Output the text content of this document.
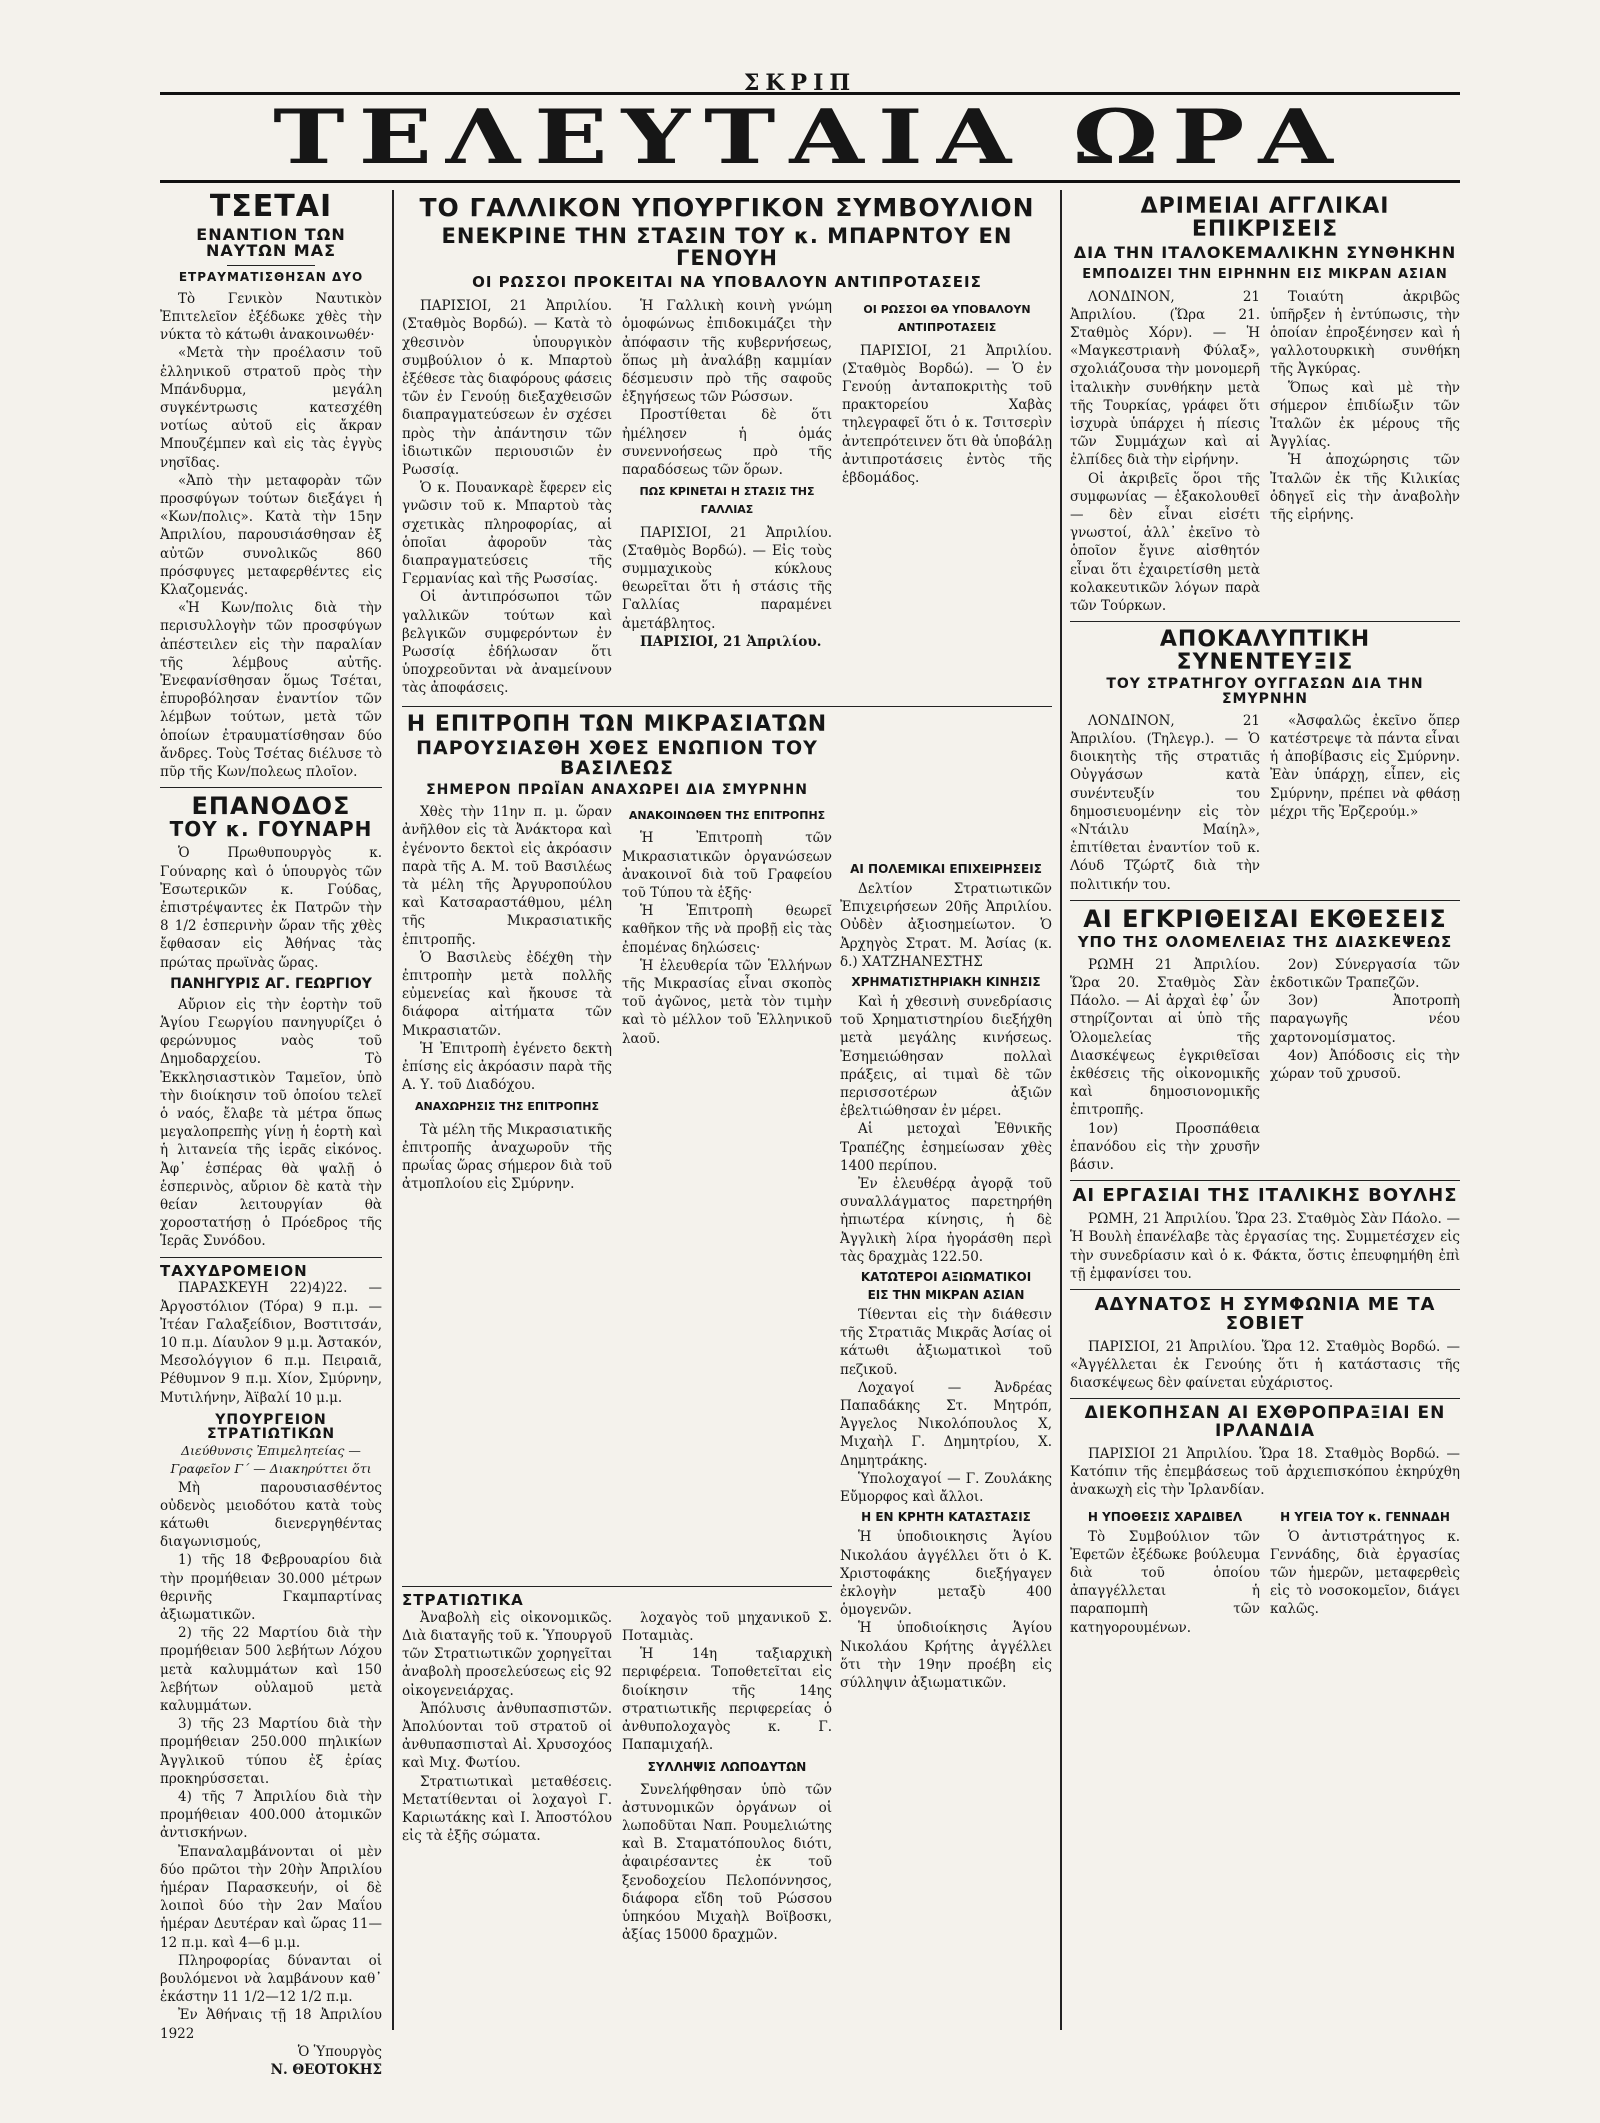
ΣΚΡΙΠ
ΤΕΛΕΥΤΑΙΑ ΩΡΑ
ΤΣΕΤΑΙ
ΕΝΑΝΤΙΟΝ ΤΩΝ ΝΑΥΤΩΝ ΜΑΣ
ΕΤΡΑΥΜΑΤΙΣΘΗΣΑΝ ΔΥΟ

Τὸ Γενικὸν Ναυτικὸν Ἐπιτελεῖον ἐξέδωκε χθὲς τὴν νύκτα τὸ κάτωθι ἀνακοινωθέν·

«Μετὰ τὴν προέλασιν τοῦ ἑλληνικοῦ στρατοῦ πρὸς τὴν Μπάνδυρμα, μεγάλη συγκέντρωσις κατεσχέθη νοτίως αὐτοῦ εἰς ἄκραν Μπουζέμπεν καὶ εἰς τὰς ἐγγὺς νησῖδας.

«Ἀπὸ τὴν μεταφορὰν τῶν προσφύγων τούτων διεξάγει ἡ «Κων/πολις». Κατὰ τὴν 15ην Ἀπριλίου, παρουσιάσθησαν ἐξ αὐτῶν συνολικῶς 860 πρόσφυγες μεταφερθέντες εἰς Κλαζομενάς.

«Ἡ Κων/πολις διὰ τὴν περισυλλογὴν τῶν προσφύγων ἀπέστειλεν εἰς τὴν παραλίαν τῆς λέμβους αὐτῆς. Ἐνεφανίσθησαν ὅμως Τσέται, ἐπυροβόλησαν ἐναντίον τῶν λέμβων τούτων, μετὰ τῶν ὁποίων ἐτραυματίσθησαν δύο ἄνδρες. Τοὺς Τσέτας διέλυσε τὸ πῦρ τῆς Κων/πολεως πλοῖον.

ΕΠΑΝΟΔΟΣ
ΤΟΥ κ. ΓΟΥΝΑΡΗ

Ὁ Πρωθυπουργὸς κ. Γούναρης καὶ ὁ ὑπουργὸς τῶν Ἐσωτερικῶν κ. Γούδας, ἐπιστρέψαντες ἐκ Πατρῶν τὴν 8 1/2 ἑσπερινὴν ὥραν τῆς χθὲς ἔφθασαν εἰς Ἀθήνας τὰς πρώτας πρωϊνὰς ὥρας.

ΠΑΝΗΓΥΡΙΣ ΑΓ. ΓΕΩΡΓΙΟΥ

Αὔριον εἰς τὴν ἑορτὴν τοῦ Ἁγίου Γεωργίου πανηγυρίζει ὁ φερώνυμος ναὸς τοῦ Δημοδαρχείου. Τὸ Ἐκκλησιαστικὸν Ταμεῖον, ὑπὸ τὴν διοίκησιν τοῦ ὁποίου τελεῖ ὁ ναός, ἔλαβε τὰ μέτρα ὅπως μεγαλοπρεπὴς γίνῃ ἡ ἑορτὴ καὶ ἡ λιτανεία τῆς ἱερᾶς εἰκόνος. Ἀφ᾽ ἑσπέρας θὰ ψαλῇ ὁ ἑσπερινὸς, αὔριον δὲ κατὰ τὴν θείαν λειτουργίαν θὰ χοροστατήσῃ ὁ Πρόεδρος τῆς Ἱερᾶς Συνόδου.

ΤΑΧΥΔΡΟΜΕΙΟΝ

ΠΑΡΑΣΚΕΥΗ 22)4)22. — Ἀργοστόλιον (Τόρα) 9 π.μ. — Ἰτέαν Γαλαξείδιον, Βοστιτσάν, 10 π.μ. Δίαυλον 9 μ.μ. Ἀστακόν, Μεσολόγγιον 6 π.μ. Πειραιᾶ, Ρέθυμνον 9 π.μ. Χίον, Σμύρνην, Μυτιλήνην, Ἀϊβαλί 10 μ.μ.

ΥΠΟΥΡΓΕΙΟΝ ΣΤΡΑΤΙΩΤΙΚΩΝ
Διεύθυνσις Ἐπιμελητείας — Γραφεῖον Γ΄ — Διακηρύττει ὅτι

Μὴ παρουσιασθέντος οὐδενὸς μειοδότου κατὰ τοὺς κάτωθι διενεργηθέντας διαγωνισμούς,

1) τῆς 18 Φεβρουαρίου διὰ τὴν προμήθειαν 30.000 μέτρων θερινῆς Γκαμπαρτίνας ἀξιωματικῶν.

2) τῆς 22 Μαρτίου διὰ τὴν προμήθειαν 500 λεβήτων Λόχου μετὰ καλυμμάτων καὶ 150 λεβήτων οὐλαμοῦ μετὰ καλυμμάτων.

3) τῆς 23 Μαρτίου διὰ τὴν προμήθειαν 250.000 πηλικίων Ἀγγλικοῦ τύπου ἐξ ἐρίας προκηρύσσεται.

4) τῆς 7 Ἀπριλίου διὰ τὴν προμήθειαν 400.000 ἀτομικῶν ἀντισκήνων.

Ἐπαναλαμβάνονται οἱ μὲν δύο πρῶτοι τὴν 20ὴν Ἀπριλίου ἡμέραν Παρασκευήν, οἱ δὲ λοιποὶ δύο τὴν 2αν Μαΐου ἡμέραν Δευτέραν καὶ ὥρας 11—12 π.μ. καὶ 4—6 μ.μ.

Πληροφορίας δύνανται οἱ βουλόμενοι νὰ λαμβάνουν καθ᾽ ἑκάστην 11 1/2—12 1/2 π.μ.

Ἐν Ἀθήναις τῇ 18 Ἀπριλίου 1922

Ὁ Ὑπουργὸς

Ν. ΘΕΟΤΟΚΗΣ

ΤΟ ΓΑΛΛΙΚΟΝ ΥΠΟΥΡΓΙΚΟΝ ΣΥΜΒΟΥΛΙΟΝ
ΕΝΕΚΡΙΝΕ ΤΗΝ ΣΤΑΣΙΝ ΤΟΥ κ. ΜΠΑΡΝΤΟΥ ΕΝ ΓΕΝΟΥΗ
ΟΙ ΡΩΣΣΟΙ ΠΡΟΚΕΙΤΑΙ ΝΑ ΥΠΟΒΑΛΟΥΝ ΑΝΤΙΠΡΟΤΑΣΕΙΣ

ΠΑΡΙΣΙΟΙ, 21 Ἀπριλίου. (Σταθμὸς Βορδώ). — Κατὰ τὸ χθεσινὸν ὑπουργικὸν συμβούλιον ὁ κ. Μπαρτοὺ ἐξέθεσε τὰς διαφόρους φάσεις τῶν ἐν Γενούῃ διεξαχθεισῶν διαπραγματεύσεων ἐν σχέσει πρὸς τὴν ἀπάντησιν τῶν ἰδιωτικῶν περιουσιῶν ἐν Ρωσσίᾳ.

Ὁ κ. Πουανκαρὲ ἔφερεν εἰς γνῶσιν τοῦ κ. Μπαρτοὺ τὰς σχετικὰς πληροφορίας, αἱ ὁποῖαι ἀφοροῦν τὰς διαπραγματεύσεις τῆς Γερμανίας καὶ τῆς Ρωσσίας.

Οἱ ἀντιπρόσωποι τῶν γαλλικῶν τούτων καὶ βελγικῶν συμφερόντων ἐν Ρωσσίᾳ ἐδήλωσαν ὅτι ὑποχρεοῦνται νὰ ἀναμείνουν τὰς ἀποφάσεις.

Ἡ Γαλλικὴ κοινὴ γνώμη ὁμοφώνως ἐπιδοκιμάζει τὴν ἀπόφασιν τῆς κυβερνήσεως, ὅπως μὴ ἀναλάβῃ καμμίαν δέσμευσιν πρὸ τῆς σαφοῦς ἐξηγήσεως τῶν Ρώσσων.

Προστίθεται δὲ ὅτι ἠμέλησεν ἡ ὁμάς συνεννοήσεως πρὸ τῆς παραδόσεως τῶν ὅρων.

ΠΩΣ ΚΡΙΝΕΤΑΙ Η ΣΤΑΣΙΣ ΤΗΣ ΓΑΛΛΙΑΣ

ΠΑΡΙΣΙΟΙ, 21 Ἀπριλίου. (Σταθμὸς Βορδώ). — Εἰς τοὺς συμμαχικοὺς κύκλους θεωρεῖται ὅτι ἡ στάσις τῆς Γαλλίας παραμένει ἀμετάβλητος.

ΠΑΡΙΣΙΟΙ, 21 Ἀπριλίου.

ΟΙ ΡΩΣΣΟΙ ΘΑ ΥΠΟΒΑΛΟΥΝ ΑΝΤΙΠΡΟΤΑΣΕΙΣ

ΠΑΡΙΣΙΟΙ, 21 Ἀπριλίου. (Σταθμὸς Βορδώ). — Ὁ ἐν Γενούῃ ἀνταποκριτὴς τοῦ πρακτορείου Χαβὰς τηλεγραφεῖ ὅτι ὁ κ. Τσιτσερὶν ἀντεπρότεινεν ὅτι θὰ ὑποβάλῃ ἀντιπροτάσεις ἐντὸς τῆς ἑβδομάδος.

Η ΕΠΙΤΡΟΠΗ ΤΩΝ ΜΙΚΡΑΣΙΑΤΩΝ
ΠΑΡΟΥΣΙΑΣΘΗ ΧΘΕΣ ΕΝΩΠΙΟΝ ΤΟΥ ΒΑΣΙΛΕΩΣ
ΣΗΜΕΡΟΝ ΠΡΩΪΑΝ ΑΝΑΧΩΡΕΙ ΔΙΑ ΣΜΥΡΝΗΝ

Χθὲς τὴν 11ην π. μ. ὥραν ἀνῆλθον εἰς τὰ Ἀνάκτορα καὶ ἐγένοντο δεκτοὶ εἰς ἀκρόασιν παρὰ τῆς Α. Μ. τοῦ Βασιλέως τὰ μέλη τῆς Ἀργυροπούλου καὶ Κατσαραστάθμου, μέλη τῆς Μικρασιατικῆς ἐπιτροπῆς.

Ὁ Βασιλεὺς ἐδέχθη τὴν ἐπιτροπὴν μετὰ πολλῆς εὐμενείας καὶ ἤκουσε τὰ διάφορα αἰτήματα τῶν Μικρασιατῶν.

Ἡ Ἐπιτροπὴ ἐγένετο δεκτὴ ἐπίσης εἰς ἀκρόασιν παρὰ τῆς Α. Υ. τοῦ Διαδόχου.

ΑΝΑΧΩΡΗΣΙΣ ΤΗΣ ΕΠΙΤΡΟΠΗΣ

Τὰ μέλη τῆς Μικρασιατικῆς ἐπιτροπῆς ἀναχωροῦν τῆς πρωΐας ὥρας σήμερον διὰ τοῦ ἀτμοπλοίου εἰς Σμύρνην.

ΑΝΑΚΟΙΝΩΘΕΝ ΤΗΣ ΕΠΙΤΡΟΠΗΣ

Ἡ Ἐπιτροπὴ τῶν Μικρασιατικῶν ὀργανώσεων ἀνακοινοῖ διὰ τοῦ Γραφείου τοῦ Τύπου τὰ ἑξῆς·

Ἡ Ἐπιτροπὴ θεωρεῖ καθῆκον τῆς νὰ προβῇ εἰς τὰς ἐπομένας δηλώσεις·

Ἡ ἐλευθερία τῶν Ἑλλήνων τῆς Μικρασίας εἶναι σκοπὸς τοῦ ἀγῶνος, μετὰ τὸν τιμὴν καὶ τὸ μέλλον τοῦ Ἑλληνικοῦ λαοῦ.

ΑΙ ΠΟΛΕΜΙΚΑΙ ΕΠΙΧΕΙΡΗΣΕΙΣ

Δελτίον Στρατιωτικῶν Ἐπιχειρήσεων 20ῆς Ἀπριλίου. Οὐδὲν ἀξιοσημείωτον. Ὁ Ἀρχηγὸς Στρατ. Μ. Ἀσίας (κ. δ.) ΧΑΤΖΗΑΝΕΣΤΗΣ

ΧΡΗΜΑΤΙΣΤΗΡΙΑΚΗ ΚΙΝΗΣΙΣ

Καὶ ἡ χθεσινὴ συνεδρίασις τοῦ Χρηματιστηρίου διεξήχθη μετὰ μεγάλης κινήσεως. Ἐσημειώθησαν πολλαὶ πράξεις, αἱ τιμαὶ δὲ τῶν περισσοτέρων ἀξιῶν ἐβελτιώθησαν ἐν μέρει.

Αἱ μετοχαὶ Ἐθνικῆς Τραπέζης ἐσημείωσαν χθὲς 1400 περίπου.

Ἐν ἐλευθέρᾳ ἀγορᾷ τοῦ συναλλάγματος παρετηρήθη ἠπιωτέρα κίνησις, ἡ δὲ Ἀγγλικὴ λίρα ἠγοράσθη περὶ τὰς δραχμὰς 122.50.

ΚΑΤΩΤΕΡΟΙ ΑΞΙΩΜΑΤΙΚΟΙ
ΕΙΣ ΤΗΝ ΜΙΚΡΑΝ ΑΣΙΑΝ

Τίθενται εἰς τὴν διάθεσιν τῆς Στρατιᾶς Μικρᾶς Ἀσίας οἱ κάτωθι ἀξιωματικοὶ τοῦ πεζικοῦ.

Λοχαγοί — Ἀνδρέας Παπαδάκης Στ. Μητρόπ, Ἀγγελος Νικολόπουλος Χ, Μιχαὴλ Γ. Δημητρίου, Χ. Δημητράκης.

Ὑπολοχαγοί — Γ. Ζουλάκης Εὔμορφος καὶ ἄλλοι.

Η ΕΝ ΚΡΗΤΗ ΚΑΤΑΣΤΑΣΙΣ

Ἡ ὑποδιοικησις Ἁγίου Νικολάου ἀγγέλλει ὅτι ὁ Κ. Χριστοφάκης διεξήγαγεν ἐκλογὴν μεταξὺ 400 ὁμογενῶν.

Ἡ ὑποδιοίκησις Ἁγίου Νικολάου Κρήτης ἀγγέλλει ὅτι τὴν 19ην προέβη εἰς σύλληψιν ἀξιωματικῶν.

ΣΤΡΑΤΙΩΤΙΚΑ

Ἀναβολὴ εἰς οἰκονομικῶς. Διὰ διαταγῆς τοῦ κ. Ὑπουργοῦ τῶν Στρατιωτικῶν χορηγεῖται ἀναβολὴ προσελεύσεως εἰς 92 οἰκογενειάρχας.

Ἀπόλυσις ἀνθυπασπιστῶν. Ἀπολύονται τοῦ στρατοῦ οἱ ἀνθυπασπισταὶ Αἰ. Χρυσοχόος καὶ Μιχ. Φωτίου.

Στρατιωτικαὶ μεταθέσεις. Μετατίθενται οἱ λοχαγοὶ Γ. Καριωτάκης καὶ Ι. Ἀποστόλου εἰς τὰ ἐξῆς σώματα.

λοχαγὸς τοῦ μηχανικοῦ Σ. Ποταμιὰς.

Ἡ 14η ταξιαρχικὴ περιφέρεια. Τοποθετεῖται εἰς διοίκησιν τῆς 14ης στρατιωτικῆς περιφερείας ὁ ἀνθυπολοχαγὸς κ. Γ. Παπαμιχαήλ.

ΣΥΛΛΗΨΙΣ ΛΩΠΟΔΥΤΩΝ

Συνελήφθησαν ὑπὸ τῶν ἀστυνομικῶν ὀργάνων οἱ λωποδῦται Ναπ. Ρουμελιώτης καὶ Β. Σταματόπουλος διότι, ἀφαιρέσαντες ἐκ τοῦ ξενοδοχείου Πελοπόννησος, διάφορα εἴδη τοῦ Ρώσσου ὑπηκόου Μιχαὴλ Βοϊβοσκι, ἀξίας 15000 δραχμῶν.

ΔΡΙΜΕΙΑΙ ΑΓΓΛΙΚΑΙ ΕΠΙΚΡΙΣΕΙΣ
ΔΙΑ ΤΗΝ ΙΤΑΛΟΚΕΜΑΛΙΚΗΝ ΣΥΝΘΗΚΗΝ
ΕΜΠΟΔΙΖΕΙ ΤΗΝ ΕΙΡΗΝΗΝ ΕΙΣ ΜΙΚΡΑΝ ΑΣΙΑΝ

ΛΟΝΔΙΝΟΝ, 21 Ἀπριλίου. (Ὥρα 21. Σταθμὸς Χόρν). — Ἡ «Μαγκεστριανὴ Φύλαξ», σχολιάζουσα τὴν μονομερῆ ἰταλικὴν συνθήκην μετὰ τῆς Τουρκίας, γράφει ὅτι ἰσχυρὰ ὑπάρχει ἡ πίεσις τῶν Συμμάχων καὶ αἱ ἐλπίδες διὰ τὴν εἰρήνην.

Οἱ ἀκριβεῖς ὅροι τῆς συμφωνίας — ἐξακολουθεῖ — δὲν εἶναι εἰσέτι γνωστοί, ἀλλ᾽ ἐκεῖνο τὸ ὁποῖον ἔγινε αἰσθητόν εἶναι ὅτι ἐχαιρετίσθη μετὰ κολακευτικῶν λόγων παρὰ τῶν Τούρκων.

Τοιαύτη ἀκριβῶς ὑπῆρξεν ἡ ἐντύπωσις, τὴν ὁποίαν ἐπροξένησεν καὶ ἡ γαλλοτουρκικὴ συνθήκη τῆς Ἀγκύρας.

Ὅπως καὶ μὲ τὴν σήμερον ἐπιδίωξιν τῶν Ἰταλῶν ἐκ μέρους τῆς Ἀγγλίας.

Ἡ ἀποχώρησις τῶν Ἰταλῶν ἐκ τῆς Κιλικίας ὁδηγεῖ εἰς τὴν ἀναβολὴν τῆς εἰρήνης.

ΑΠΟΚΑΛΥΠΤΙΚΗ ΣΥΝΕΝΤΕΥΞΙΣ
ΤΟΥ ΣΤΡΑΤΗΓΟΥ ΟΥΓΓΑΣΩΝ ΔΙΑ ΤΗΝ ΣΜΥΡΝΗΝ

ΛΟΝΔΙΝΟΝ, 21 Ἀπριλίου. (Τηλεγρ.). — Ὁ διοικητὴς τῆς στρατιᾶς Οὐγγάσων κατὰ συνέντευξίν του δημοσιευομένην εἰς τὸν «Ντάιλυ Μαίηλ», ἐπιτίθεται ἐναντίον τοῦ κ. Λόυδ Τζώρτζ διὰ τὴν πολιτικήν του.

«Ἀσφαλῶς ἐκεῖνο ὅπερ κατέστρεψε τὰ πάντα εἶναι ἡ ἀποβίβασις εἰς Σμύρνην. Ἐὰν ὑπάρχῃ, εἶπεν, εἰς Σμύρνην, πρέπει νὰ φθάσῃ μέχρι τῆς Ἐρζερούμ.»

ΑΙ ΕΓΚΡΙΘΕΙΣΑΙ ΕΚΘΕΣΕΙΣ
ΥΠΟ ΤΗΣ ΟΛΟΜΕΛΕΙΑΣ ΤΗΣ ΔΙΑΣΚΕΨΕΩΣ

ΡΩΜΗ 21 Ἀπριλίου. Ὥρα 20. Σταθμὸς Σὰν Πάολο. — Αἱ ἀρχαὶ ἐφ᾽ ὧν στηρίζονται αἱ ὑπὸ τῆς Ὁλομελείας τῆς Διασκέψεως ἐγκριθεῖσαι ἐκθέσεις τῆς οἰκονομικῆς καὶ δημοσιονομικῆς ἐπιτροπῆς.

1ον) Προσπάθεια ἐπανόδου εἰς τὴν χρυσῆν βάσιν.

2ον) Σύνεργασία τῶν ἐκδοτικῶν Τραπεζῶν.

3ον) Ἀποτροπὴ παραγωγῆς νέου χαρτονομίσματος.

4ον) Ἀπόδοσις εἰς τὴν χώραν τοῦ χρυσοῦ.

ΑΙ ΕΡΓΑΣΙΑΙ ΤΗΣ ΙΤΑΛΙΚΗΣ ΒΟΥΛΗΣ

ΡΩΜΗ, 21 Ἀπριλίου. Ὥρα 23. Σταθμὸς Σὰν Πάολο. — Ἡ Βουλὴ ἐπανέλαβε τὰς ἐργασίας της. Συμμετέσχεν εἰς τὴν συνεδρίασιν καὶ ὁ κ. Φάκτα, ὅστις ἐπευφημήθη ἐπὶ τῇ ἐμφανίσει του.

ΑΔΥΝΑΤΟΣ Η ΣΥΜΦΩΝΙΑ ΜΕ ΤΑ ΣΟΒΙΕΤ

ΠΑΡΙΣΙΟΙ, 21 Ἀπριλίου. Ὥρα 12. Σταθμὸς Βορδώ. — «Ἀγγέλλεται ἐκ Γενούης ὅτι ἡ κατάστασις τῆς διασκέψεως δὲν φαίνεται εὐχάριστος.

ΔΙΕΚΟΠΗΣΑΝ ΑΙ ΕΧΘΡΟΠΡΑΞΙΑΙ ΕΝ ΙΡΛΑΝΔΙΑ

ΠΑΡΙΣΙΟΙ 21 Ἀπριλίου. Ὥρα 18. Σταθμὸς Βορδώ. — Κατόπιν τῆς ἐπεμβάσεως τοῦ ἀρχιεπισκόπου ἐκηρύχθη ἀνακωχὴ εἰς τὴν Ἰρλανδίαν.

Η ΥΠΟΘΕΣΙΣ ΧΑΡΔΙΒΕΛ

Τὸ Συμβούλιον τῶν Ἐφετῶν ἐξέδωκε βούλευμα διὰ τοῦ ὁποίου ἀπαγγέλλεται ἡ παραπομπὴ τῶν κατηγορουμένων.

Η ΥΓΕΙΑ ΤΟΥ κ. ΓΕΝΝΑΔΗ

Ὁ ἀντιστράτηγος κ. Γεννάδης, διὰ ἐργασίας τῶν ἡμερῶν, μεταφερθεὶς εἰς τὸ νοσοκομεῖον, διάγει καλῶς.
